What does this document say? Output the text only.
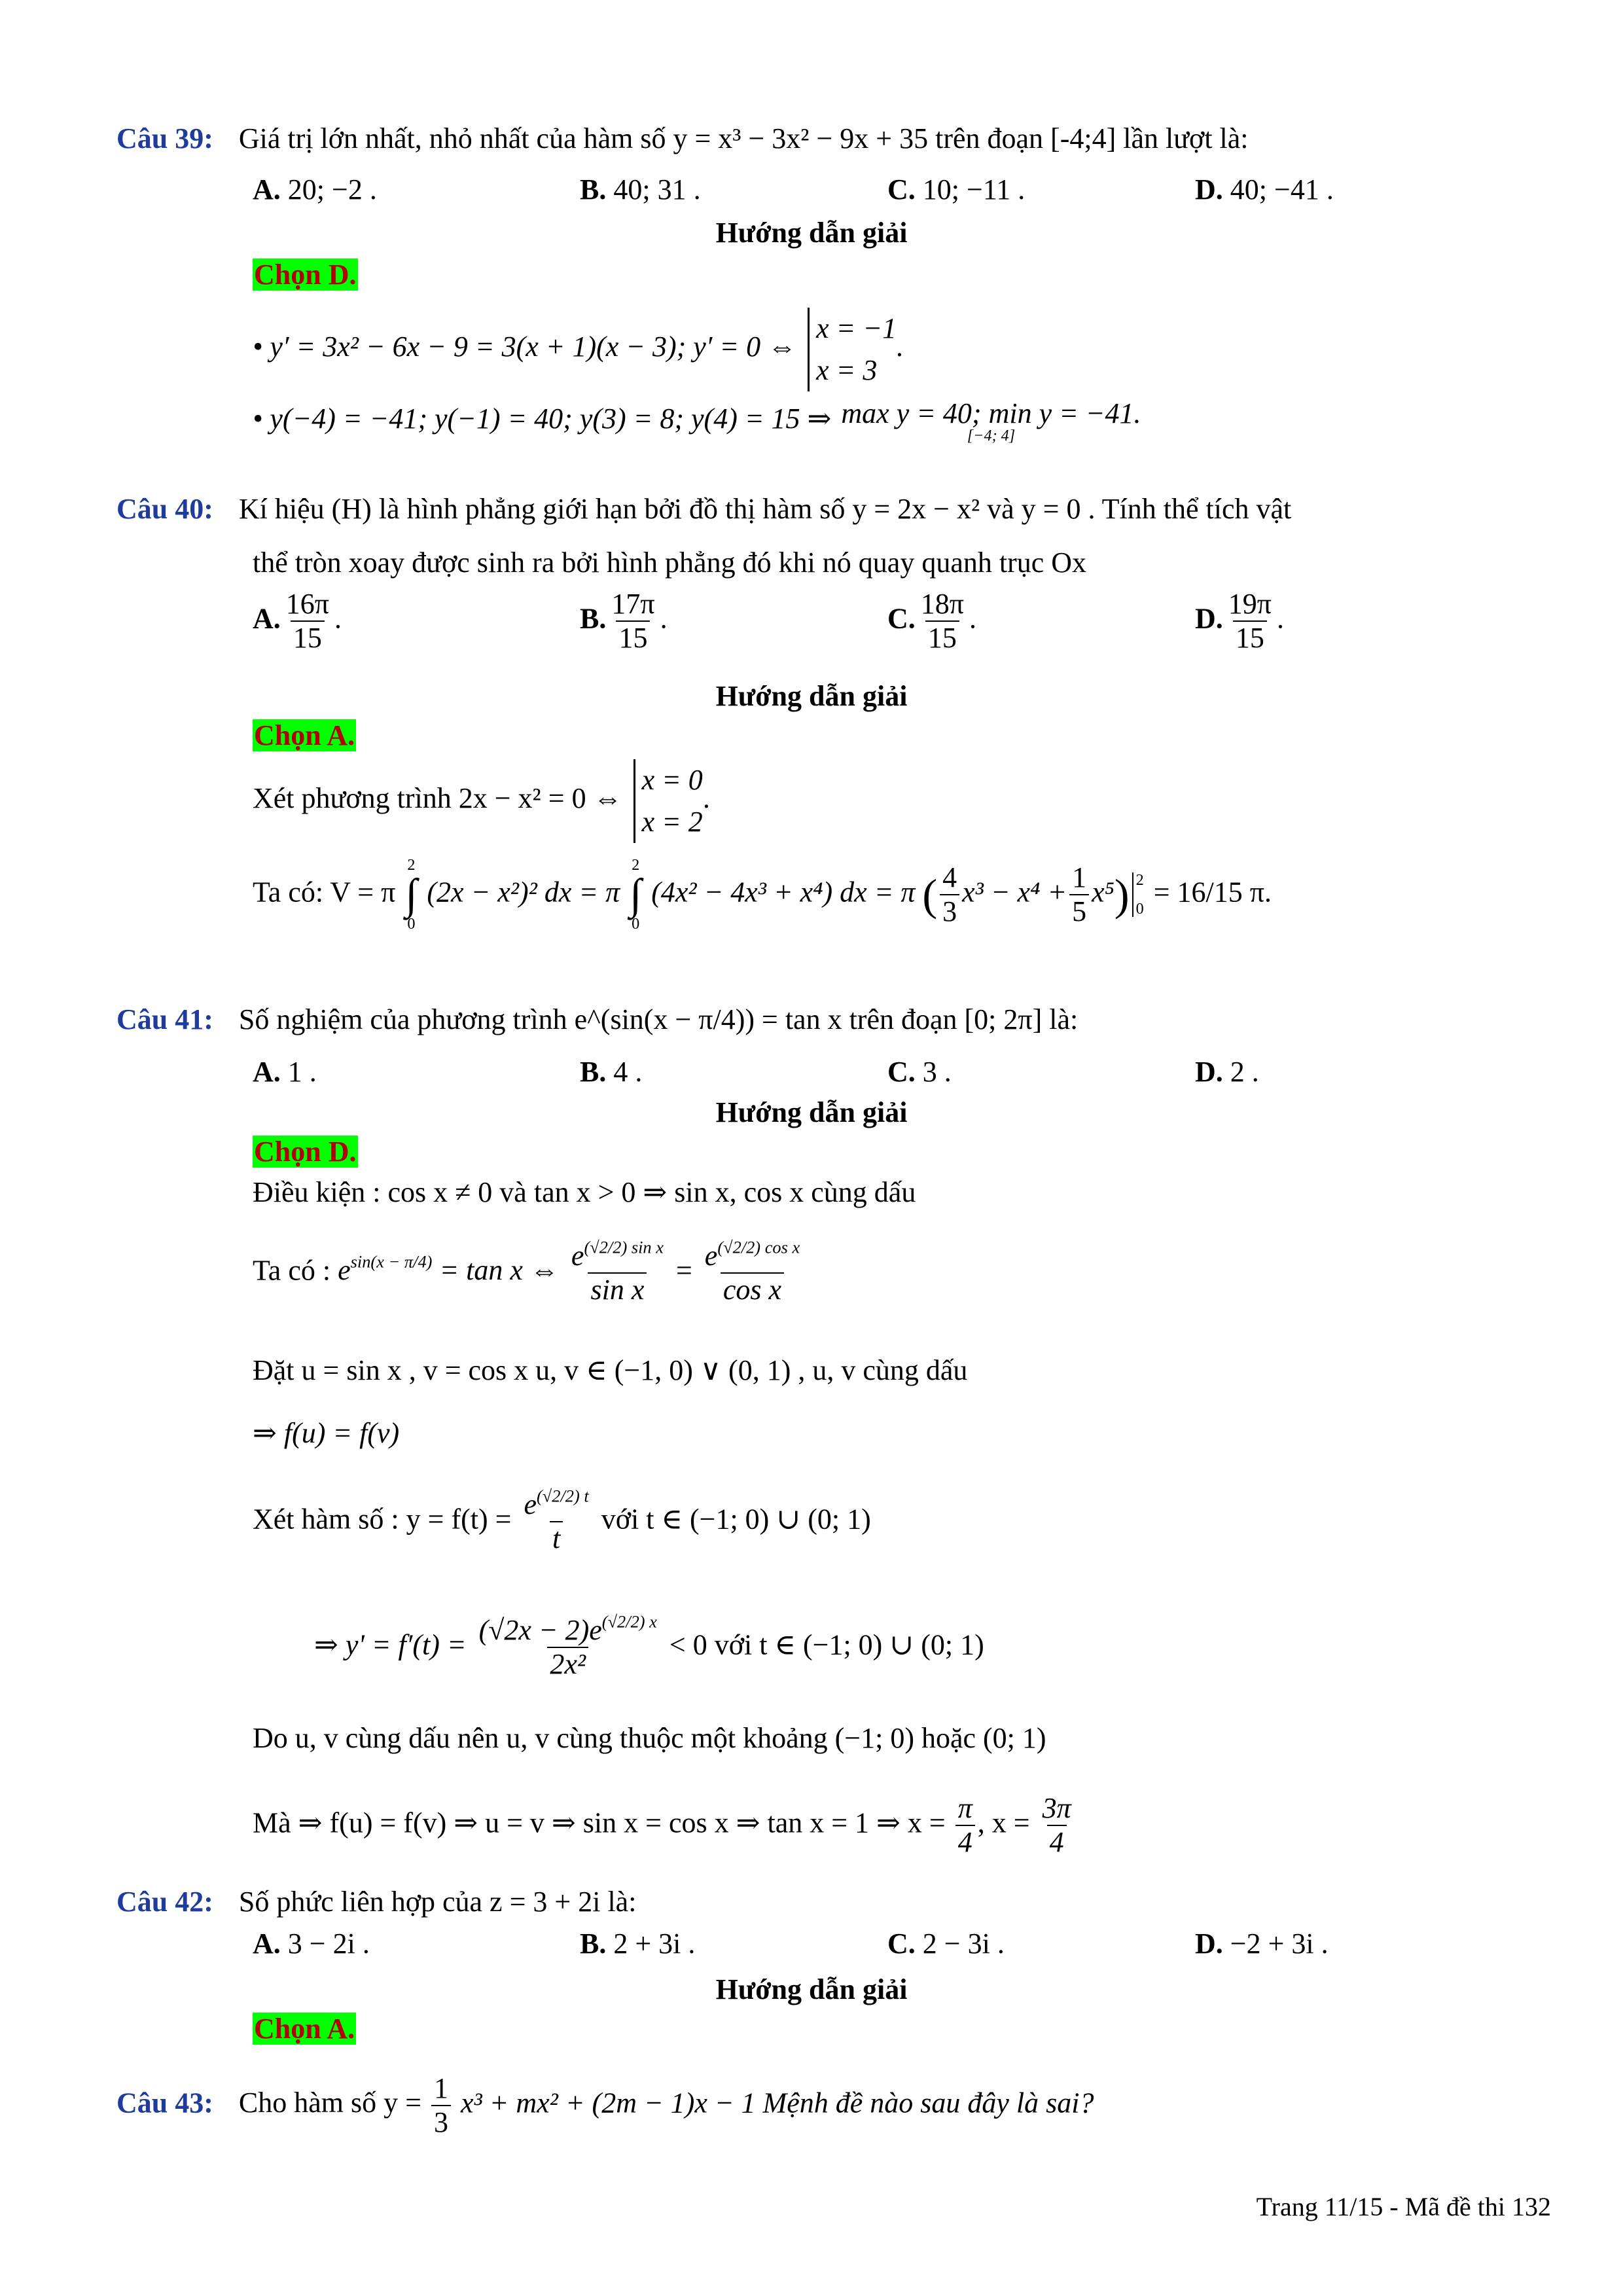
Câu 39: Giá trị lớn nhất, nhỏ nhất của hàm số y = x³ − 3x² − 9x + 35 trên đoạn [-4;4] lần lượt là:
A. 20; −2 .	B. 40; 31 .	C. 10; −11 .	D. 40; −41 .
Hướng dẫn giải
Chọn D.
• y′ = 3x² − 6x − 9 = 3(x + 1)(x − 3); y′ = 0 ⇔
x = −1
x = 3
.
• y(−4) = −41; y(−1) = 40; y(3) = 8; y(4) = 15 ⇒ max y = 40; min y = −41.
[−4; 4]
Câu 40: Kí hiệu (H) là hình phẳng giới hạn bởi đồ thị hàm số y = 2x − x² và y = 0 . Tính thể tích vật
thể tròn xoay được sinh ra bởi hình phẳng đó khi nó quay quanh trục Ox
A. $\frac{16\pi}{15}$ .	B. $\frac{17\pi}{15}$ .	C. $\frac{18\pi}{15}$ .	D. $\frac{19\pi}{15}$ .
Hướng dẫn giải
Chọn A.
Xét phương trình 2x − x² = 0 ⇔
x = 0
x = 2
.
Ta có: V = π
2
∫
0
(2x − x²)² dx = π
2
∫
0
(4x² − 4x³ + x⁴) dx = π ( $\frac{4}{3} x^3 - x^4 + \frac{1}{5} x^5$) 2
0
= 16/15 π.
Câu 41: Số nghiệm của phương trình e^(sin(x − π/4)) = tan x trên đoạn [0; 2π] là:
A. 1 .	B. 4 .	C. 3 .	D. 2 .
Hướng dẫn giải
Chọn D.
Điều kiện : cos x ≠ 0 và tan x > 0 ⇒ sin x, cos x cùng dấu
Ta có : $e^{sin(x - \pi/4)} = \tan x$ ⇔ $\frac{e^{(√2/2) sin x}}{\text{sin x}} = \frac{e^{(√2/2) cos x}}{\text{cos x}}$
Đặt u = sin x , v = cos x u, v ∈ (−1, 0) ∨ (0, 1) , u, v cùng dấu
⇒ f(u) = f(v)
Xét hàm số : $y = f(t) = \frac{e^{(√2/2) t}}{t}$ với t ∈ (−1; 0) ∪ (0; 1)
⇒ $y' = f'(t) = \frac{(√2x - 2)e^{(√2/2) x}}{\text{2x²}} < 0$ với t ∈ (−1; 0) ∪ (0; 1)
Do u, v cùng dấu nên u, v cùng thuộc một khoảng (−1; 0) hoặc (0; 1)
Mà ⇒ f(u) = f(v) ⇒ u = v ⇒ sin x = cos x ⇒ tan x = 1 ⇒ $x = \frac{\pi}{4}$ , $x = \frac{3\pi}{4}$
Câu 42: Số phức liên hợp của z = 3 + 2i là:
A. 3 − 2i .	B. 2 + 3i .	C. 2 − 3i .	D. −2 + 3i .
Hướng dẫn giải
Chọn A.
Câu 43: Cho hàm số $y = \frac{1}{3} x^3 + mx^2 + (2m - 1)x - 1$ Mệnh đề nào sau đây là sai?
Trang 11/15 - Mã đề thi 132
